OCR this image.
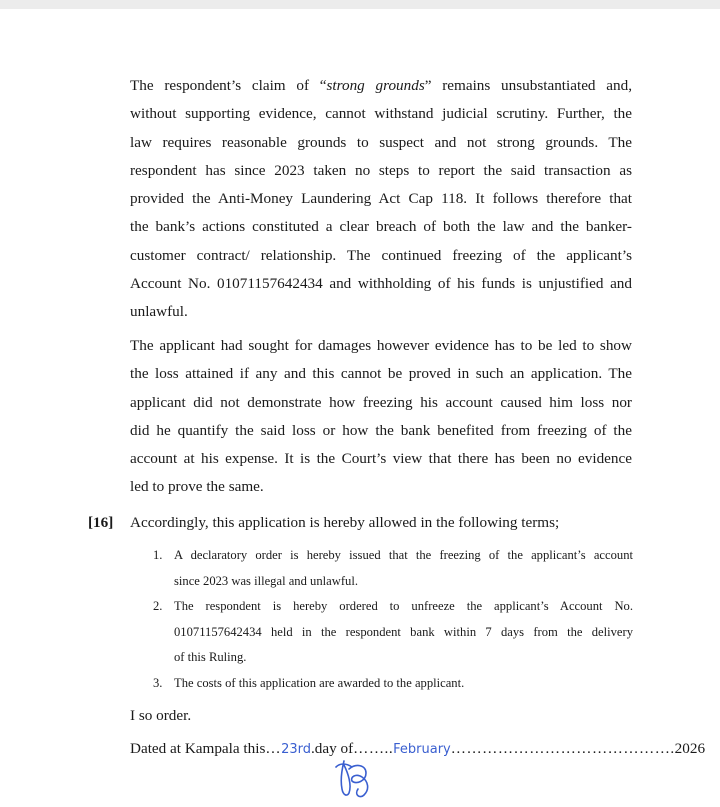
The respondent’s claim of “strong grounds” remains unsubstantiated and,
without supporting evidence, cannot withstand judicial scrutiny. Further, the
law requires reasonable grounds to suspect and not strong grounds. The
respondent has since 2023 taken no steps to report the said transaction as
provided the Anti-Money Laundering Act Cap 118. It follows therefore that
the bank’s actions constituted a clear breach of both the law and the banker-
customer contract/ relationship. The continued freezing of the applicant’s
Account No. 01071157642434 and withholding of his funds is unjustified and
unlawful.
The applicant had sought for damages however evidence has to be led to show
the loss attained if any and this cannot be proved in such an application. The
applicant did not demonstrate how freezing his account caused him loss nor
did he quantify the said loss or how the bank benefited from freezing of the
account at his expense. It is the Court’s view that there has been no evidence
led to prove the same.
[16] Accordingly, this application is hereby allowed in the following terms;
1. A declaratory order is hereby issued that the freezing of the applicant’s account
since 2023 was illegal and unlawful.
2. The respondent is hereby ordered to unfreeze the applicant’s Account No.
01071157642434 held in the respondent bank within 7 days from the delivery
of this Ruling.
3. The costs of this application are awarded to the applicant.
I so order.
Dated at Kampala this … 23rd .day of …….. February ……………………………………. 2026
